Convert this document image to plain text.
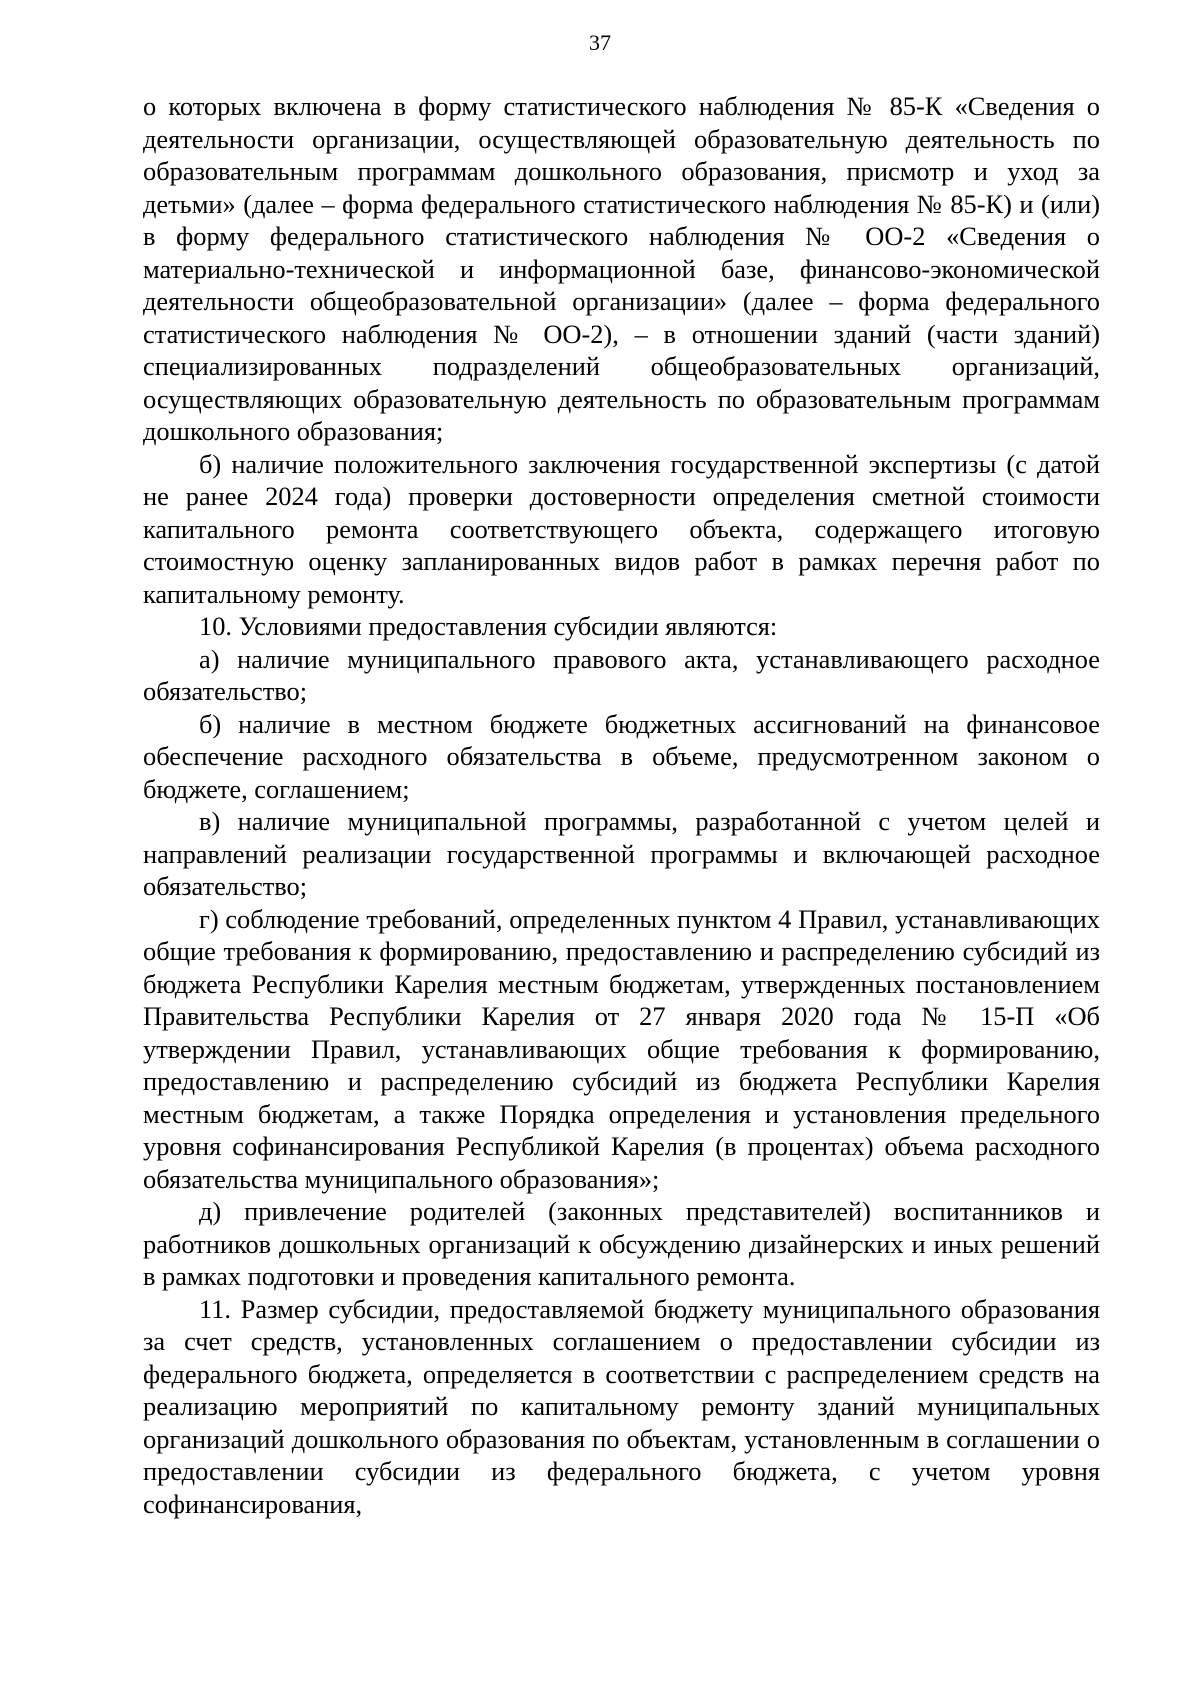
37

о которых включена в форму статистического наблюдения № 85-К «Сведения о деятельности организации, осуществляющей образовательную деятельность по образовательным программам дошкольного образования, присмотр и уход за детьми» (далее – форма федерального статистического наблюдения № 85-К) и (или) в форму федерального статистического наблюдения № ОО-2 «Сведения о материально-технической и информационной базе, финансово-экономической деятельности общеобразовательной организации» (далее – форма федерального статистического наблюдения № ОО-2), – в отношении зданий (части зданий) специализированных подразделений общеобразовательных организаций, осуществляющих образовательную деятельность по образовательным программам дошкольного образования;

б) наличие положительного заключения государственной экспертизы (с датой не ранее 2024 года) проверки достоверности определения сметной стоимости капитального ремонта соответствующего объекта, содержащего итоговую стоимостную оценку запланированных видов работ в рамках перечня работ по капитальному ремонту.

10. Условиями предоставления субсидии являются:

а) наличие муниципального правового акта, устанавливающего расходное обязательство;

б) наличие в местном бюджете бюджетных ассигнований на финансовое обеспечение расходного обязательства в объеме, предусмотренном законом о бюджете, соглашением;

в) наличие муниципальной программы, разработанной с учетом целей и направлений реализации государственной программы и включающей расходное обязательство;

г) соблюдение требований, определенных пунктом 4 Правил, устанавливающих общие требования к формированию, предоставлению и распределению субсидий из бюджета Республики Карелия местным бюджетам, утвержденных постановлением Правительства Республики Карелия от 27 января 2020 года № 15-П «Об утверждении Правил, устанавливающих общие требования к формированию, предоставлению и распределению субсидий из бюджета Республики Карелия местным бюджетам, а также Порядка определения и установления предельного уровня софинансирования Республикой Карелия (в процентах) объема расходного обязательства муниципального образования»;

д) привлечение родителей (законных представителей) воспитанников и работников дошкольных организаций к обсуждению дизайнерских и иных решений в рамках подготовки и проведения капитального ремонта.

11. Размер субсидии, предоставляемой бюджету муниципального образования за счет средств, установленных соглашением о предоставлении субсидии из федерального бюджета, определяется в соответствии с распределением средств на реализацию мероприятий по капитальному ремонту зданий муниципальных организаций дошкольного образования по объектам, установленным в соглашении о предоставлении субсидии из федерального бюджета, с учетом уровня софинансирования,
